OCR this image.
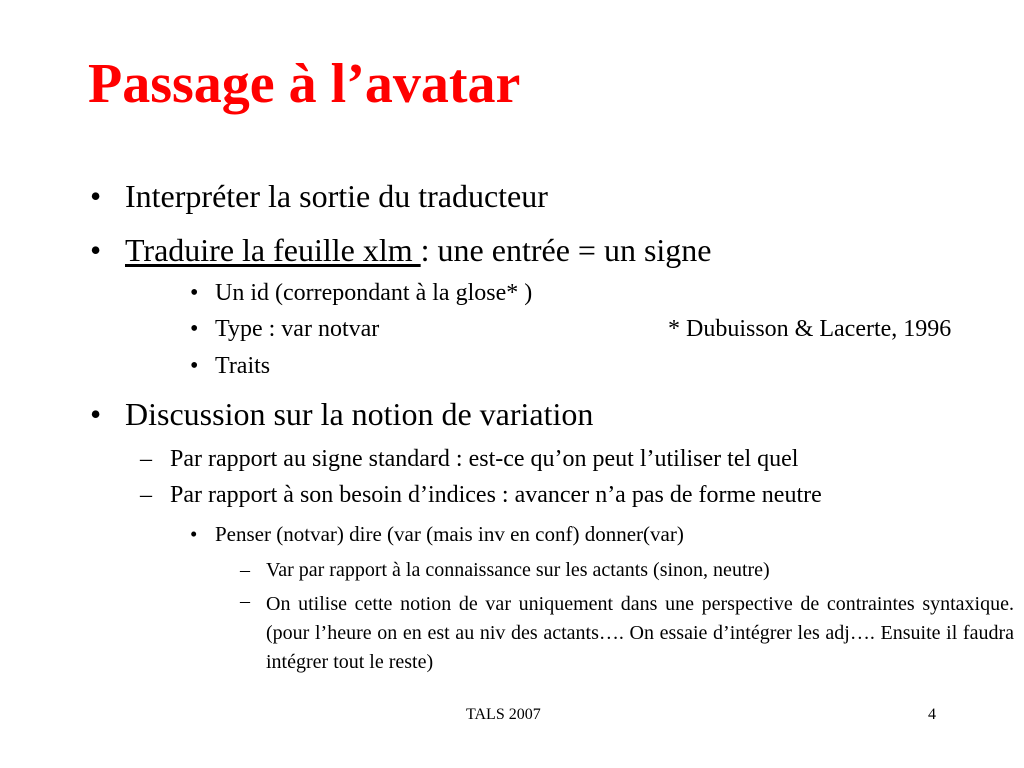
Passage à l’avatar
• Interpréter la sortie du traducteur
• Traduire la feuille xlm : une entrée = un signe
• Un id (correpondant à la glose* )
• Type : var notvar	* Dubuisson & Lacerte, 1996
• Traits
• Discussion sur la notion de variation
– Par rapport au signe standard : est-ce qu’on peut l’utiliser tel quel
– Par rapport à son besoin d’indices : avancer n’a pas de forme neutre
• Penser (notvar) dire (var (mais inv en conf) donner(var)
– Var par rapport à la connaissance sur les actants (sinon, neutre)
– On utilise cette notion de var uniquement dans une perspective de contraintes syntaxique. (pour l’heure on en est au niv des actants…. On essaie d’intégrer les adj…. Ensuite il faudra intégrer tout le reste)
TALS 2007	4
